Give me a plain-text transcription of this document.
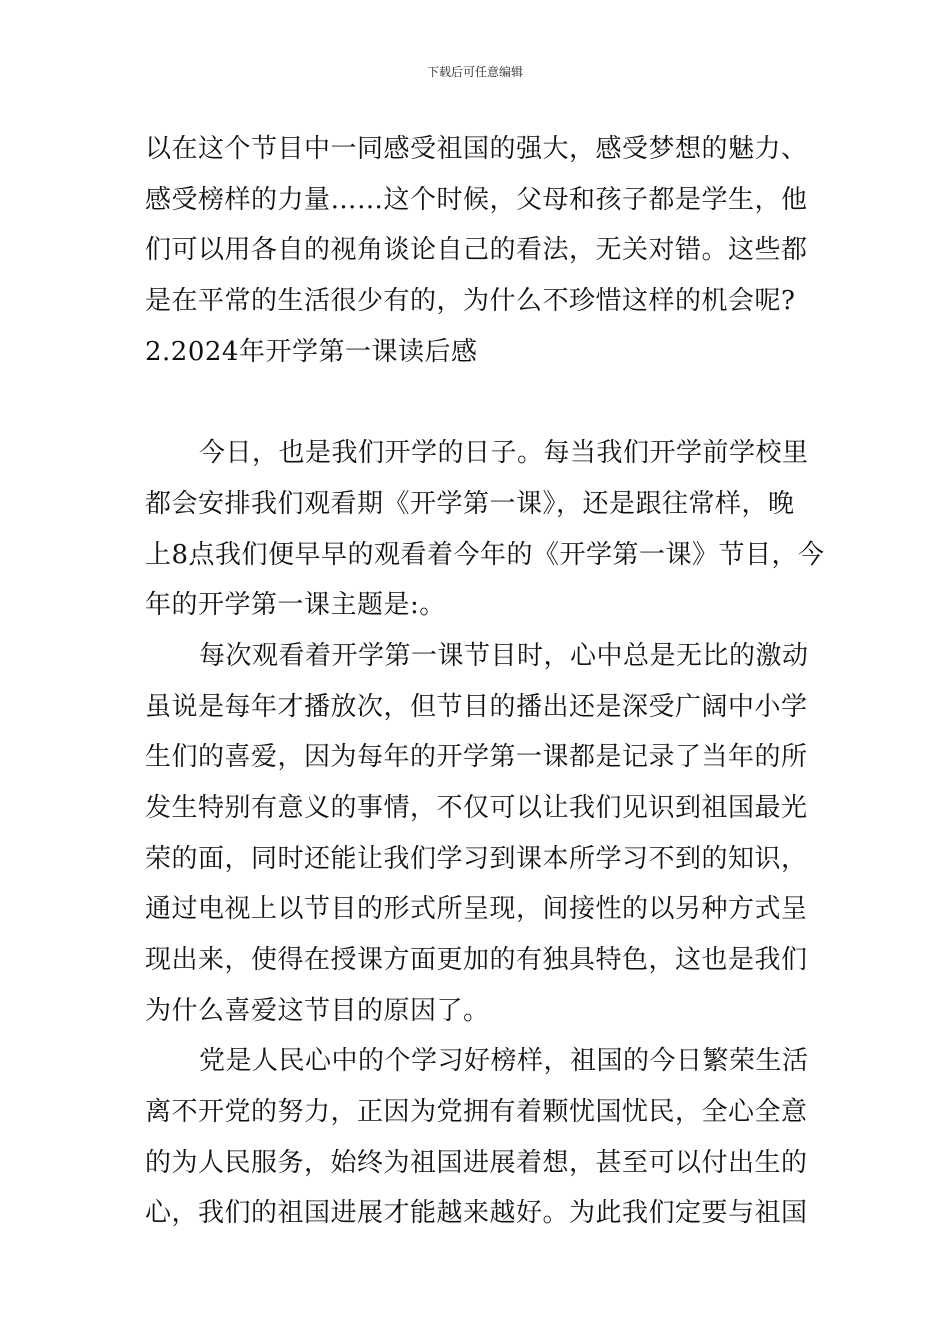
下载后可任意编辑
以在这个节目中一同感受祖国的强大，感受梦想的魅力、
感受榜样的力量……这个时候，父母和孩子都是学生，他
们可以用各自的视角谈论自己的看法，无关对错。这些都
是在平常的生活很少有的，为什么不珍惜这样的机会呢?
2.2024年开学第一课读后感
今日，也是我们开学的日子。每当我们开学前学校里
都会安排我们观看期《开学第一课》，还是跟往常样，晚
上8点我们便早早的观看着今年的《开学第一课》节目，今
年的开学第一课主题是:。
每次观看着开学第一课节目时，心中总是无比的激动
虽说是每年才播放次，但节目的播出还是深受广阔中小学
生们的喜爱，因为每年的开学第一课都是记录了当年的所
发生特别有意义的事情，不仅可以让我们见识到祖国最光
荣的面，同时还能让我们学习到课本所学习不到的知识，
通过电视上以节目的形式所呈现，间接性的以另种方式呈
现出来，使得在授课方面更加的有独具特色，这也是我们
为什么喜爱这节目的原因了。
党是人民心中的个学习好榜样，祖国的今日繁荣生活
离不开党的努力，正因为党拥有着颗忧国忧民，全心全意
的为人民服务，始终为祖国进展着想，甚至可以付出生的
心，我们的祖国进展才能越来越好。为此我们定要与祖国
